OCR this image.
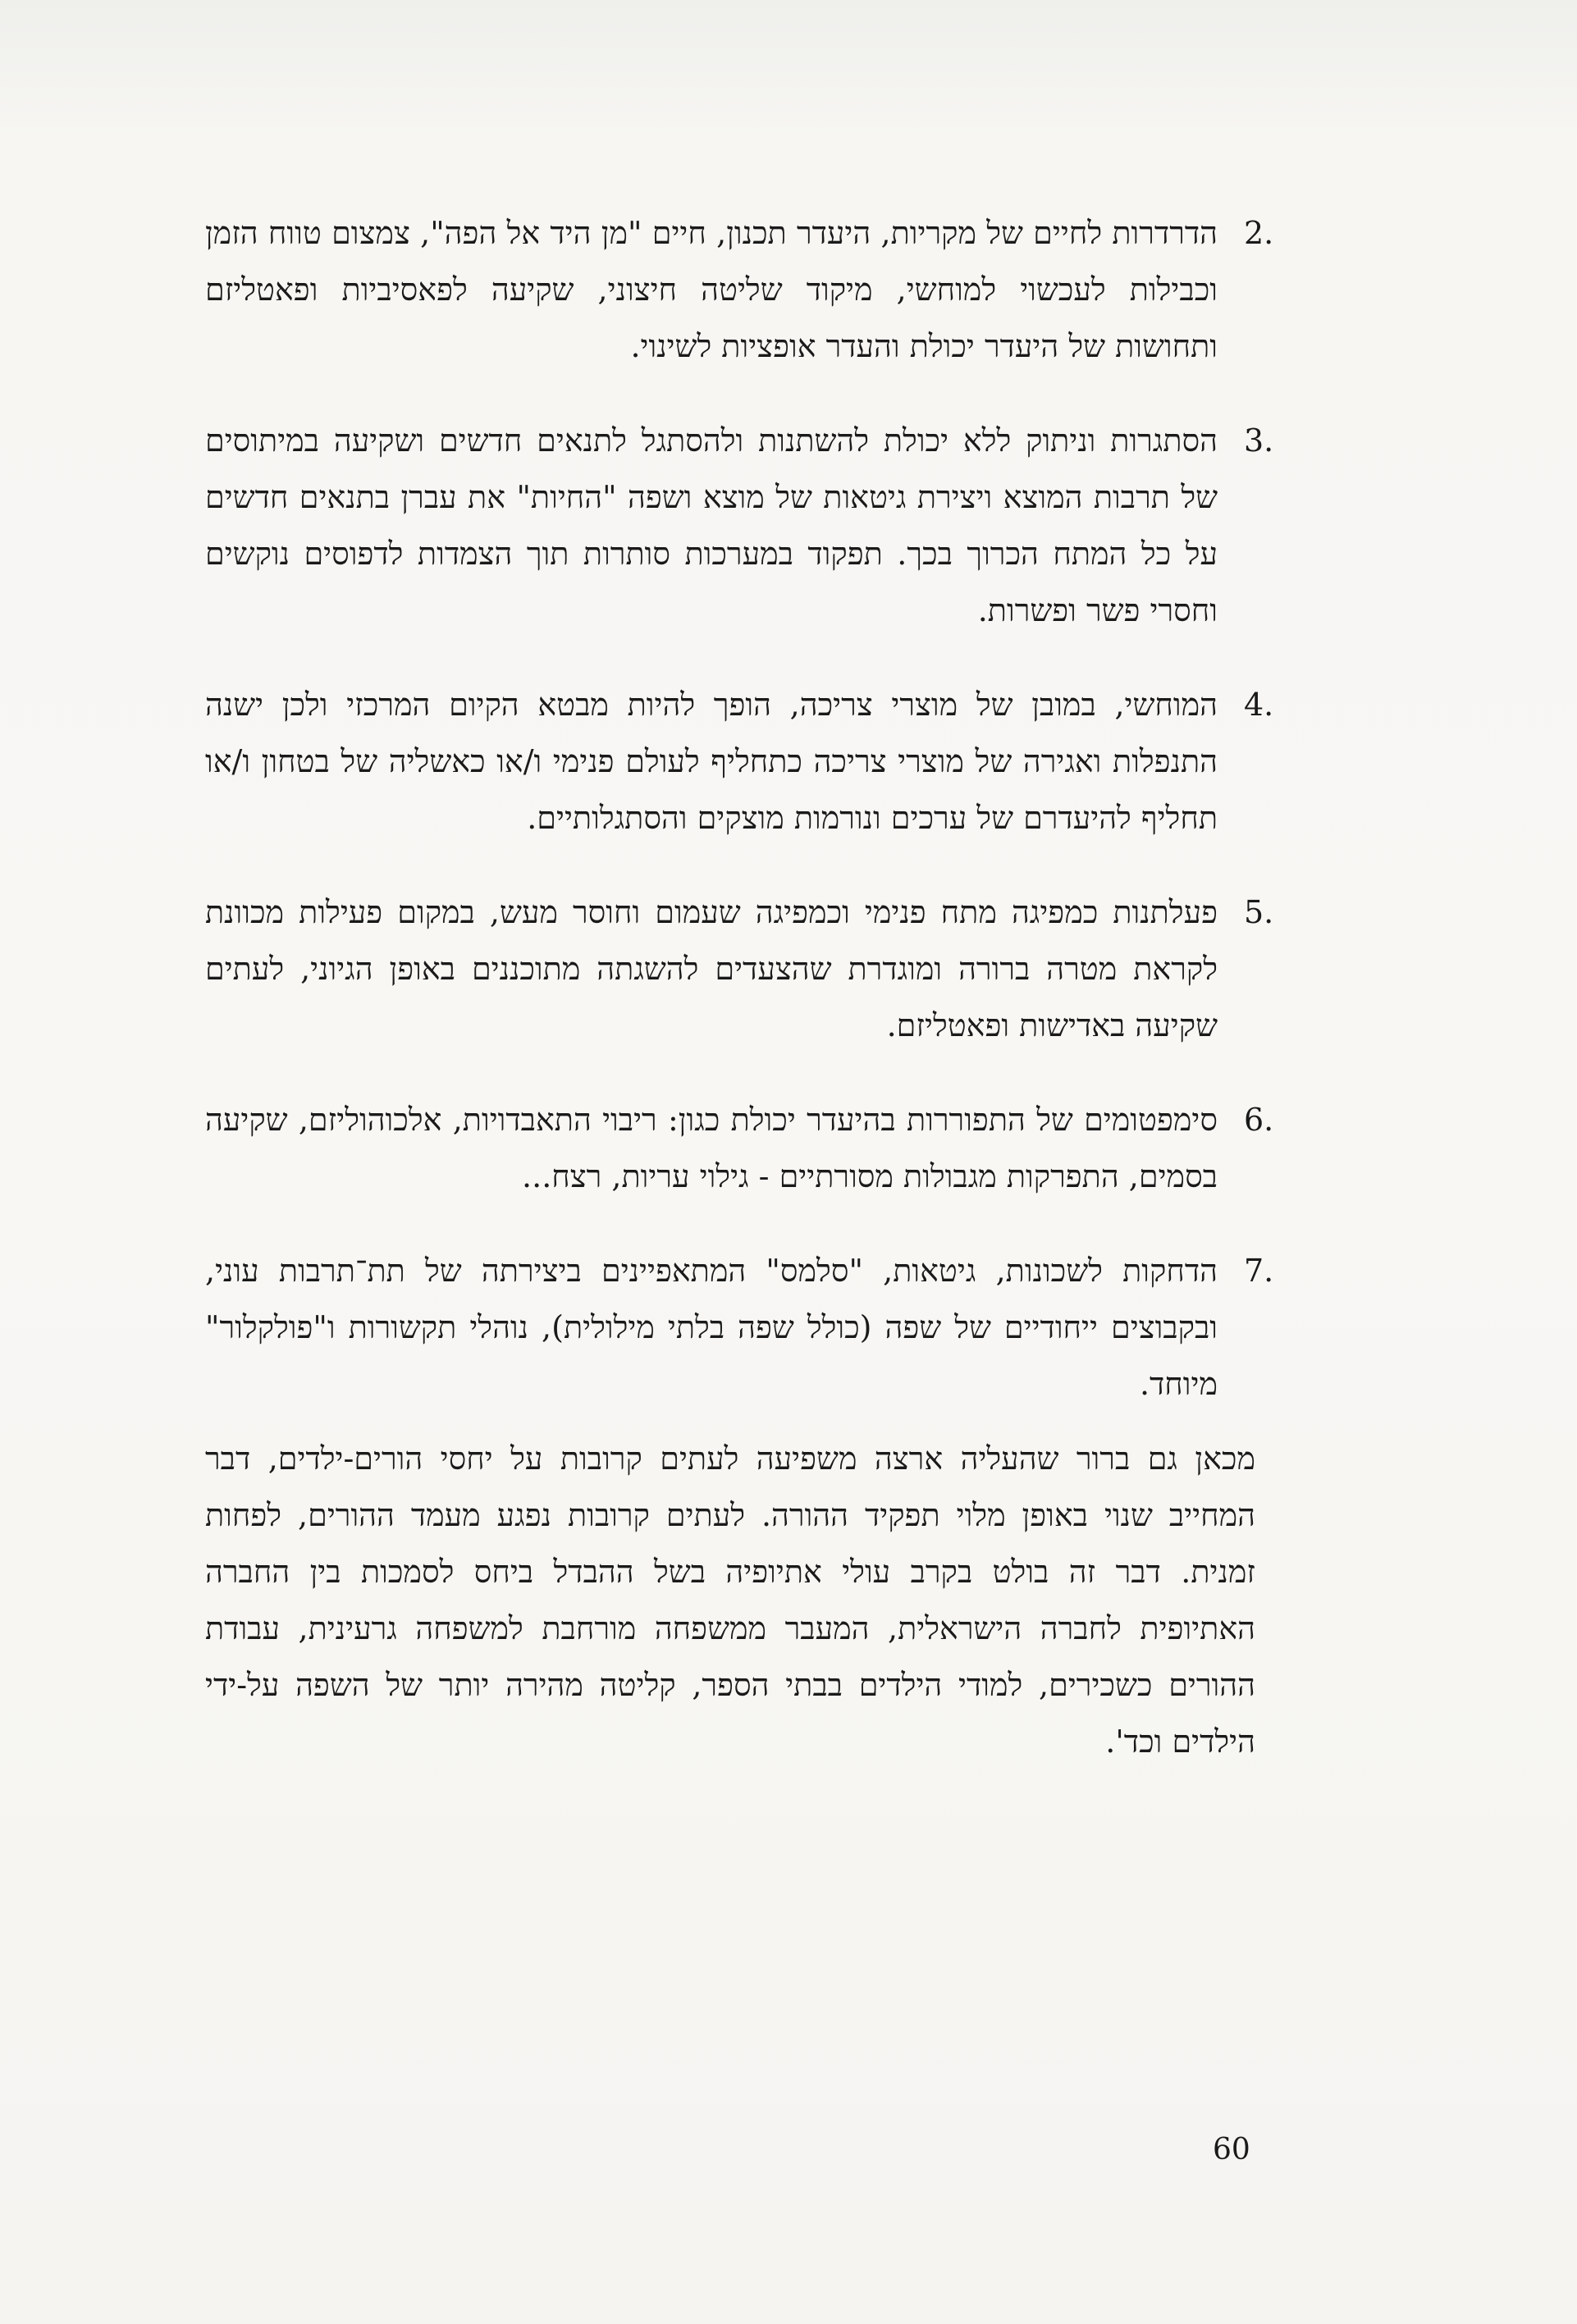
2.
הדרדרות לחיים של מקריות, היעדר תכנון, חיים "מן היד אל הפה", צמצום טווח הזמן וכבילות לעכשוי למוחשי, מיקוד שליטה חיצוני, שקיעה לפאסיביות ופאטליזם ותחושות של היעדר יכולת והעדר אופציות לשינוי.
3.
הסתגרות וניתוק ללא יכולת להשתנות ולהסתגל לתנאים חדשים ושקיעה במיתוסים של תרבות המוצא ויצירת גיטאות של מוצא ושפה "החיות" את עברן בתנאים חדשים על כל המתח הכרוך בכך. תפקוד במערכות סותרות תוך הצמדות לדפוסים נוקשים וחסרי פשר ופשרות.
4.
המוחשי, במובן של מוצרי צריכה, הופך להיות מבטא הקיום המרכזי ולכן ישנה התנפלות ואגירה של מוצרי צריכה כתחליף לעולם פנימי ו/או כאשליה של בטחון ו/או תחליף להיעדרם של ערכים ונורמות מוצקים והסתגלותיים.
5.
פעלתנות כמפיגה מתח פנימי וכמפיגה שעמום וחוסר מעש, במקום פעילות מכוונת לקראת מטרה ברורה ומוגדרת שהצעדים להשגתה מתוכננים באופן הגיוני, לעתים שקיעה באדישות ופאטליזם.
6.
סימפטומים של התפוררות בהיעדר יכולת כגון: ריבוי התאבדויות, אלכוהוליזם, שקיעה בסמים, התפרקות מגבולות מסורתיים - גילוי עריות, רצח...
7.
הדחקות לשכונות, גיטאות, "סלמס" המתאפיינים ביצירתה של תת־תרבות עוני, ובקבוצים ייחודיים של שפה (כולל שפה בלתי מילולית), נוהלי תקשורות ו"פולקלור" מיוחד.

מכאן גם ברור שהעליה ארצה משפיעה לעתים קרובות על יחסי הורים-ילדים, דבר המחייב שנוי באופן מלוי תפקיד ההורה. לעתים קרובות נפגע מעמד ההורים, לפחות זמנית. דבר זה בולט בקרב עולי אתיופיה בשל ההבדל ביחס לסמכות בין החברה האתיופית לחברה הישראלית, המעבר ממשפחה מורחבת למשפחה גרעינית, עבודת ההורים כשכירים, למודי הילדים בבתי הספר, קליטה מהירה יותר של השפה על-ידי הילדים וכד'.

60
